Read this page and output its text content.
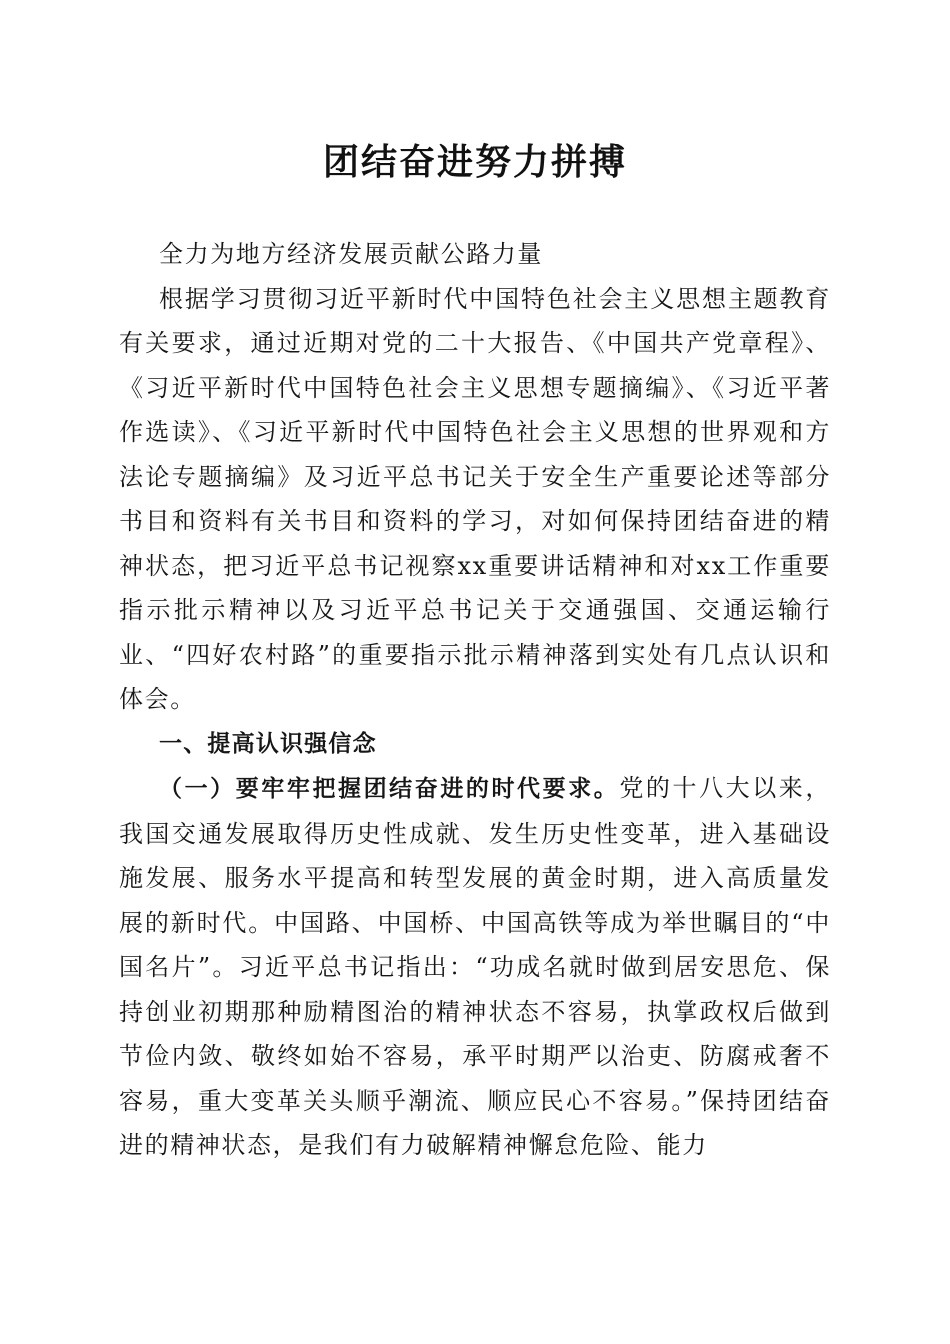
团结奋进努力拼搏

全力为地方经济发展贡献公路力量

根据学习贯彻习近平新时代中国特色社会主义思想主题教育有关要求，通过近期对党的二十大报告、《中国共产党章程》、《习近平新时代中国特色社会主义思想专题摘编》、《习近平著作选读》、《习近平新时代中国特色社会主义思想的世界观和方法论专题摘编》及习近平总书记关于安全生产重要论述等部分书目和资料有关书目和资料的学习，对如何保持团结奋进的精神状态，把习近平总书记视察xx重要讲话精神和对xx工作重要指示批示精神以及习近平总书记关于交通强国、交通运输行业、“四好农村路”的重要指示批示精神落到实处有几点认识和体会。

一、提高认识强信念

（一）要牢牢把握团结奋进的时代要求。党的十八大以来，我国交通发展取得历史性成就、发生历史性变革，进入基础设施发展、服务水平提高和转型发展的黄金时期，进入高质量发展的新时代。中国路、中国桥、中国高铁等成为举世瞩目的“中国名片”。习近平总书记指出：“功成名就时做到居安思危、保持创业初期那种励精图治的精神状态不容易，执掌政权后做到节俭内敛、敬终如始不容易，承平时期严以治吏、防腐戒奢不容易，重大变革关头顺乎潮流、顺应民心不容易。”保持团结奋进的精神状态，是我们有力破解精神懈怠危险、能力
